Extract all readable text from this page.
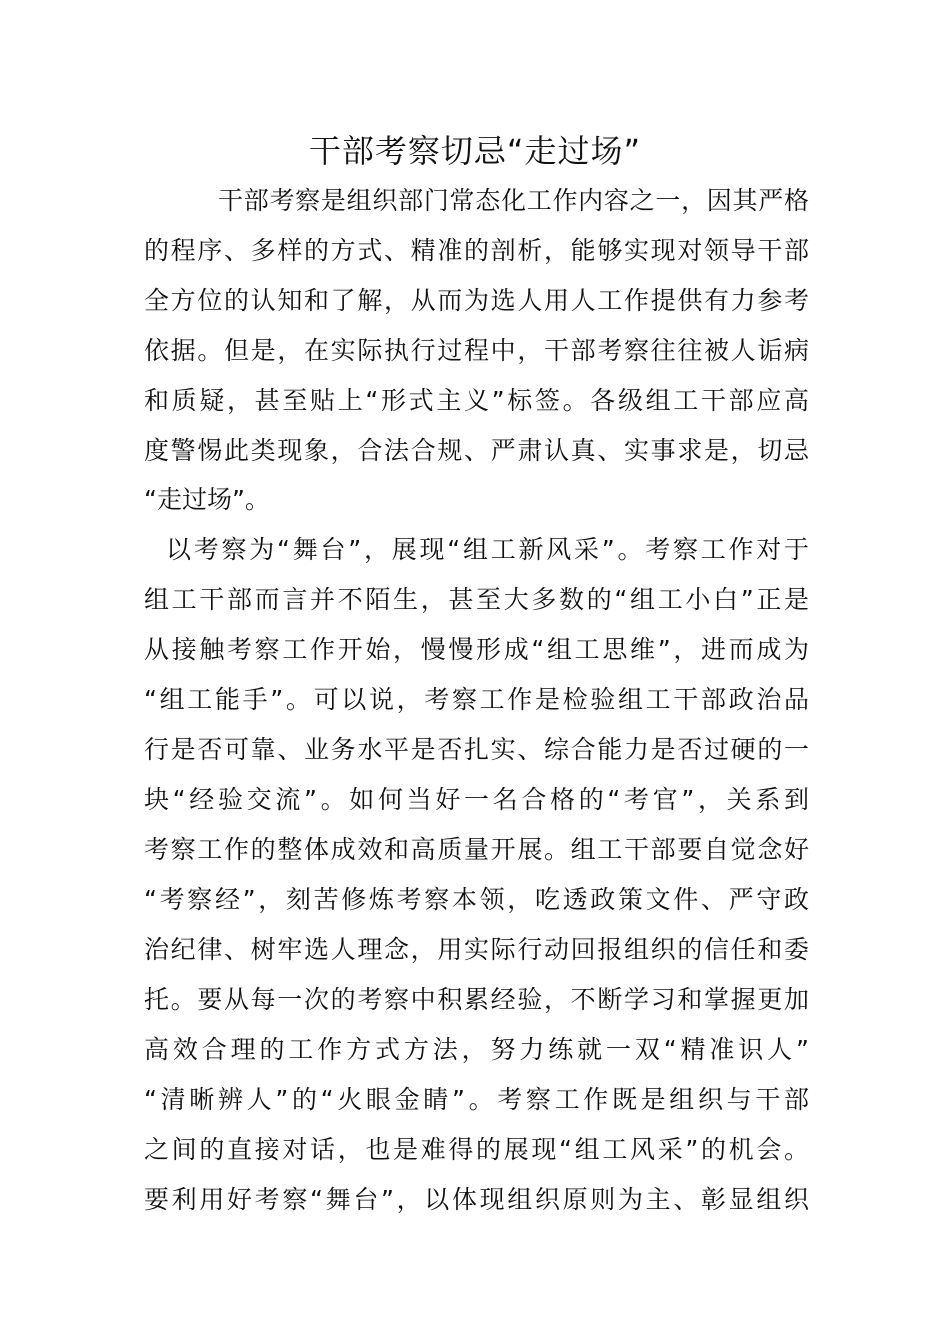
干部考察切忌“走过场”
干部考察是组织部门常态化工作内容之一，因其严格
的程序、多样的方式、精准的剖析，能够实现对领导干部
全方位的认知和了解，从而为选人用人工作提供有力参考
依据。但是，在实际执行过程中，干部考察往往被人诟病
和质疑，甚至贴上“形式主义”标签。各级组工干部应高
度警惕此类现象，合法合规、严肃认真、实事求是，切忌
“走过场”。
以考察为“舞台”，展现“组工新风采”。考察工作对于
组工干部而言并不陌生，甚至大多数的“组工小白”正是
从接触考察工作开始，慢慢形成“组工思维”，进而成为
“组工能手”。可以说，考察工作是检验组工干部政治品
行是否可靠、业务水平是否扎实、综合能力是否过硬的一
块“经验交流”。如何当好一名合格的“考官”，关系到
考察工作的整体成效和高质量开展。组工干部要自觉念好
“考察经”，刻苦修炼考察本领，吃透政策文件、严守政
治纪律、树牢选人理念，用实际行动回报组织的信任和委
托。要从每一次的考察中积累经验，不断学习和掌握更加
高效合理的工作方式方法，努力练就一双“精准识人”
“清晰辨人”的“火眼金睛”。考察工作既是组织与干部
之间的直接对话，也是难得的展现“组工风采”的机会。
要利用好考察“舞台”，以体现组织原则为主、彰显组织
